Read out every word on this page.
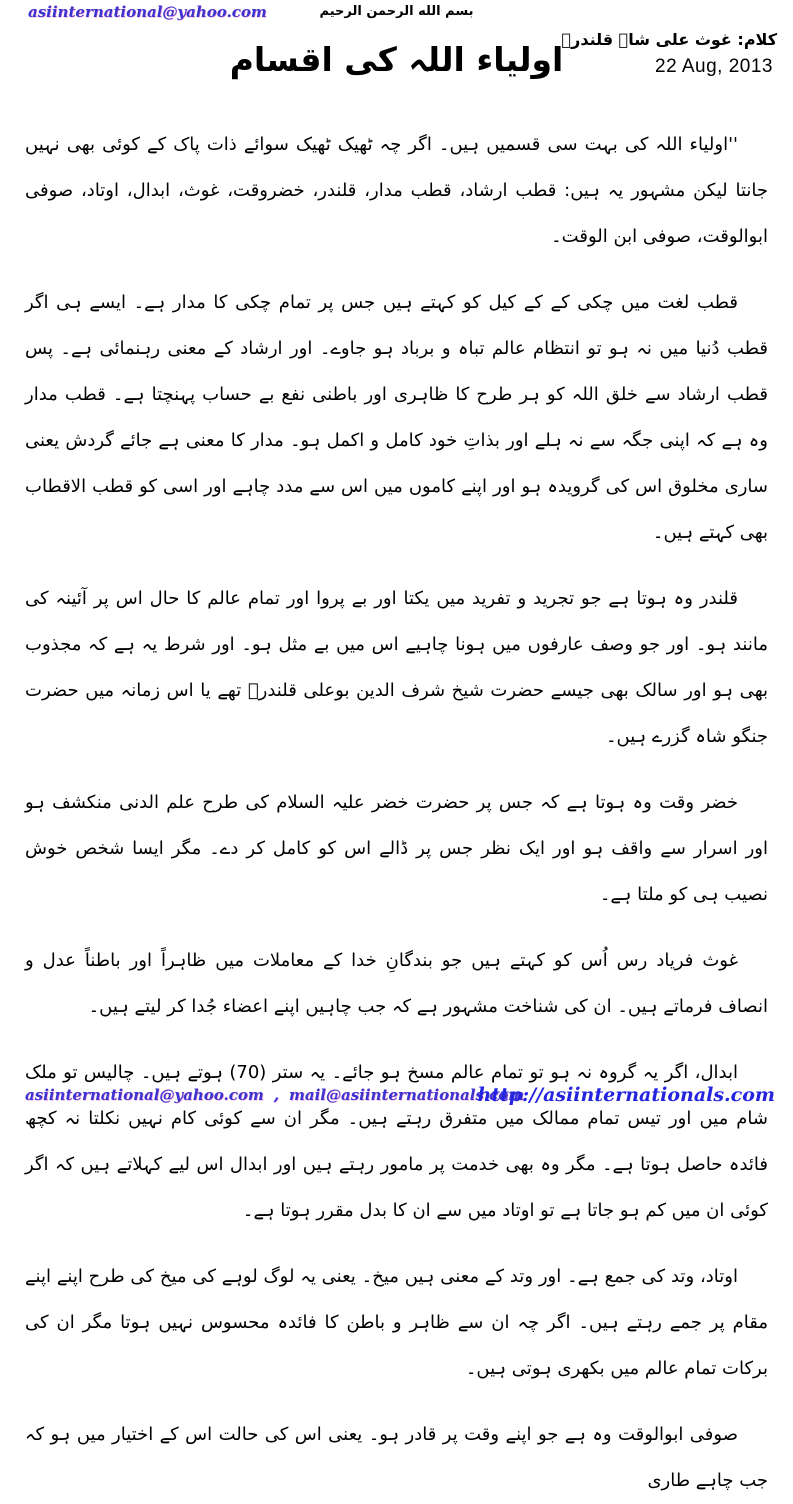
asiinternational@yahoo.com	بسم الله الرحمن الرحيم
کلام: غوث علی شاہ قلندرؒ
22 Aug, 2013
اولیاء اللہ کی اقسام

''اولیاء اللہ کی بہت سی قسمیں ہیں۔ اگر چہ ٹھیک ٹھیک سوائے ذات پاک کے کوئی بھی نہیں جانتا لیکن مشہور یہ ہیں: قطب ارشاد، قطب مدار، قلندر، خضروقت، غوث، ابدال، اوتاد، صوفی ابوالوقت، صوفی ابن الوقت۔

قطب لغت میں چکی کے کے کیل کو کہتے ہیں جس پر تمام چکی کا مدار ہے۔ ایسے ہی اگر قطب دُنیا میں نہ ہو تو انتظام عالم تباہ و برباد ہو جاوے۔ اور ارشاد کے معنی رہنمائی ہے۔ پس قطب ارشاد سے خلق اللہ کو ہر طرح کا ظاہری اور باطنی نفع بے حساب پہنچتا ہے۔ قطب مدار وہ ہے کہ اپنی جگہ سے نہ ہلے اور بذاتِ خود کامل و اکمل ہو۔ مدار کا معنی ہے جائے گردش یعنی ساری مخلوق اس کی گرویدہ ہو اور اپنے کاموں میں اس سے مدد چاہے اور اسی کو قطب الاقطاب بھی کہتے ہیں۔

قلندر وہ ہوتا ہے جو تجرید و تفرید میں یکتا اور بے پروا اور تمام عالم کا حال اس پر آئینہ کی مانند ہو۔ اور جو وصف عارفوں میں ہونا چاہیے اس میں بے مثل ہو۔ اور شرط یہ ہے کہ مجذوب بھی ہو اور سالک بھی جیسے حضرت شیخ شرف الدین بوعلی قلندرؒ تھے یا اس زمانہ میں حضرت جنگو شاہ گزرے ہیں۔

خضر وقت وہ ہوتا ہے کہ جس پر حضرت خضر علیہ السلام کی طرح علم الدنی منکشف ہو اور اسرار سے واقف ہو اور ایک نظر جس پر ڈالے اس کو کامل کر دے۔ مگر ایسا شخص خوش نصیب ہی کو ملتا ہے۔

غوث فریاد رس اُس کو کہتے ہیں جو بندگانِ خدا کے معاملات میں ظاہراً اور باطناً عدل و انصاف فرماتے ہیں۔ ان کی شناخت مشہور ہے کہ جب چاہیں اپنے اعضاء جُدا کر لیتے ہیں۔

ابدال، اگر یہ گروہ نہ ہو تو تمام عالم مسخ ہو جائے۔ یہ ستر (70) ہوتے ہیں۔ چالیس تو ملک شام میں اور تیس تمام ممالک میں متفرق رہتے ہیں۔ مگر ان سے کوئی کام نہیں نکلتا نہ کچھ فائدہ حاصل ہوتا ہے۔ مگر وہ بھی خدمت پر مامور رہتے ہیں اور ابدال اس لیے کہلاتے ہیں کہ اگر کوئی ان میں کم ہو جاتا ہے تو اوتاد میں سے ان کا بدل مقرر ہوتا ہے۔

اوتاد، وتد کی جمع ہے۔ اور وتد کے معنی ہیں میخ۔ یعنی یہ لوگ لوہے کی میخ کی طرح اپنے اپنے مقام پر جمے رہتے ہیں۔ اگر چہ ان سے ظاہر و باطن کا فائدہ محسوس نہیں ہوتا مگر ان کی برکات تمام عالم میں بکھری ہوتی ہیں۔

صوفی ابوالوقت وہ ہے جو اپنے وقت پر قادر ہو۔ یعنی اس کی حالت اس کے اختیار میں ہو کہ جب چاہے طاری

asiinternational@yahoo.com , mail@asiinternationals.com
http://asiinternationals.com
